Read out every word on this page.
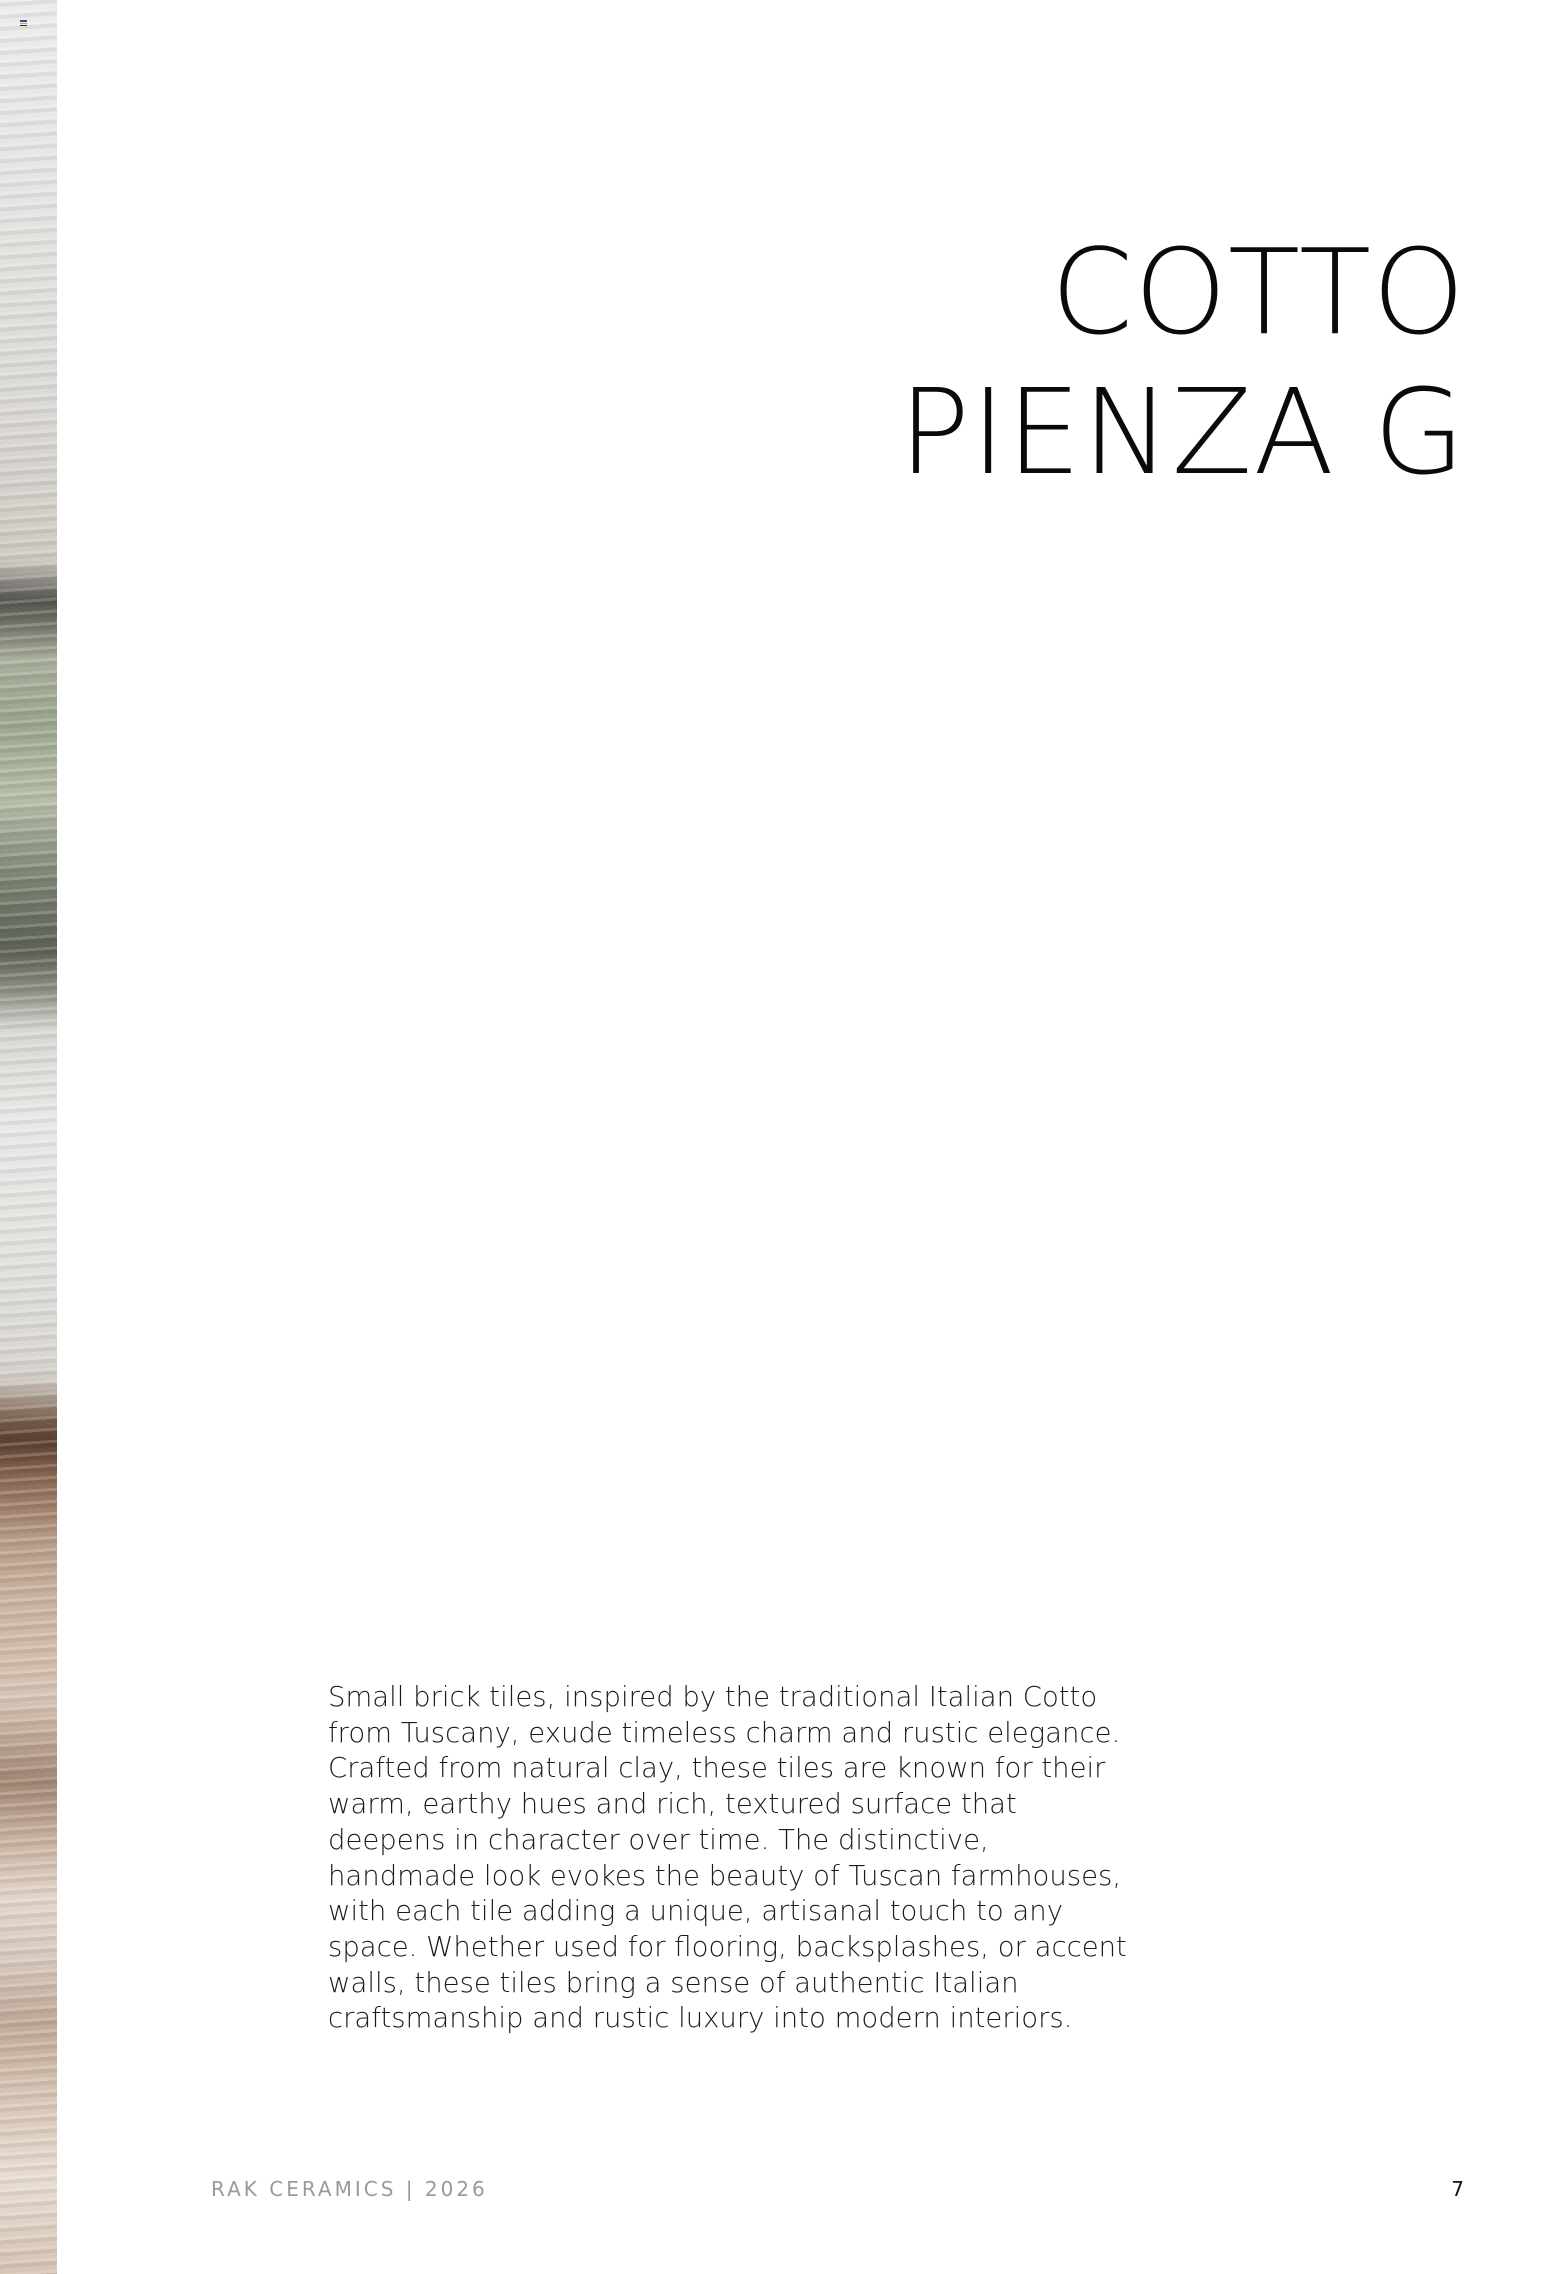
COTTO
PIENZA G

Small brick tiles, inspired by the traditional Italian Cotto from Tuscany, exude timeless charm and rustic elegance. Crafted from natural clay, these tiles are known for their warm, earthy hues and rich, textured surface that deepens in character over time. The distinctive, handmade look evokes the beauty of Tuscan farmhouses, with each tile adding a unique, artisanal touch to any space. Whether used for flooring, backsplashes, or accent walls, these tiles bring a sense of authentic Italian craftsmanship and rustic luxury into modern interiors.

RAK CERAMICS | 2026	7
